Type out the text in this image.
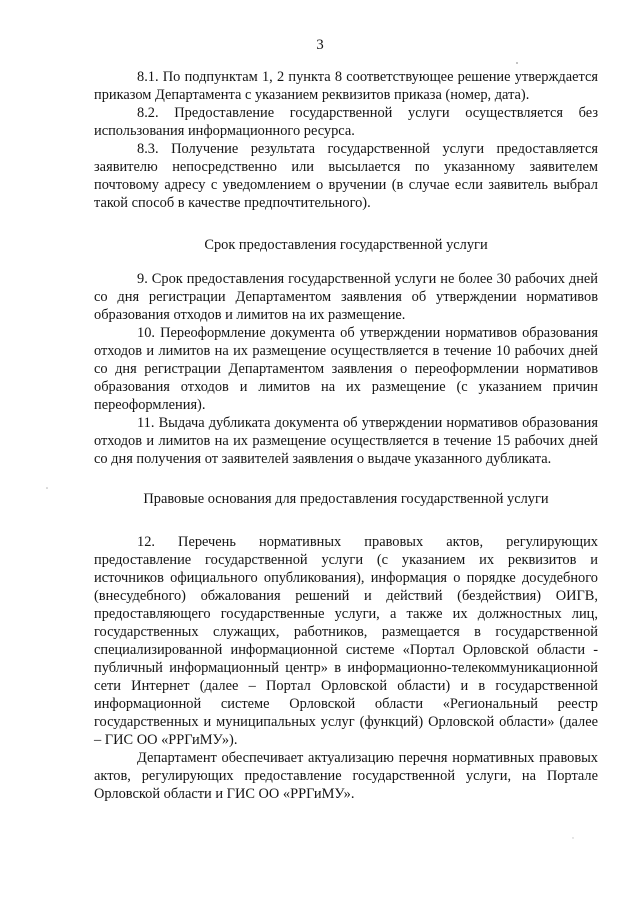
3

8.1. По подпунктам 1, 2 пункта 8 соответствующее решение утверждается приказом Департамента с указанием реквизитов приказа (номер, дата).

8.2. Предоставление государственной услуги осуществляется без использования информационного ресурса.

8.3. Получение результата государственной услуги предоставляется заявителю непосредственно или высылается по указанному заявителем почтовому адресу с уведомлением о вручении (в случае если заявитель выбрал такой способ в качестве предпочтительного).

Срок предоставления государственной услуги

9. Срок предоставления государственной услуги не более 30 рабочих дней со дня регистрации Департаментом заявления об утверждении нормативов образования отходов и лимитов на их размещение.

10. Переоформление документа об утверждении нормативов образования отходов и лимитов на их размещение осуществляется в течение 10 рабочих дней со дня регистрации Департаментом заявления о переоформлении нормативов образования отходов и лимитов на их размещение (с указанием причин переоформления).

11. Выдача дубликата документа об утверждении нормативов образования отходов и лимитов на их размещение осуществляется в течение 15 рабочих дней со дня получения от заявителей заявления о выдаче указанного дубликата.

Правовые основания для предоставления государственной услуги

12. Перечень нормативных правовых актов, регулирующих предоставление государственной услуги (с указанием их реквизитов и источников официального опубликования), информация о порядке досудебного (внесудебного) обжалования решений и действий (бездействия) ОИГВ, предоставляющего государственные услуги, а также их должностных лиц, государственных служащих, работников, размещается в государственной специализированной информационной системе «Портал Орловской области - публичный информационный центр» в информационно-телекоммуникационной сети Интернет (далее – Портал Орловской области) и в государственной информационной системе Орловской области «Региональный реестр государственных и муниципальных услуг (функций) Орловской области» (далее – ГИС ОО «РРГиМУ»).

Департамент обеспечивает актуализацию перечня нормативных правовых актов, регулирующих предоставление государственной услуги, на Портале Орловской области и ГИС ОО «РРГиМУ».
